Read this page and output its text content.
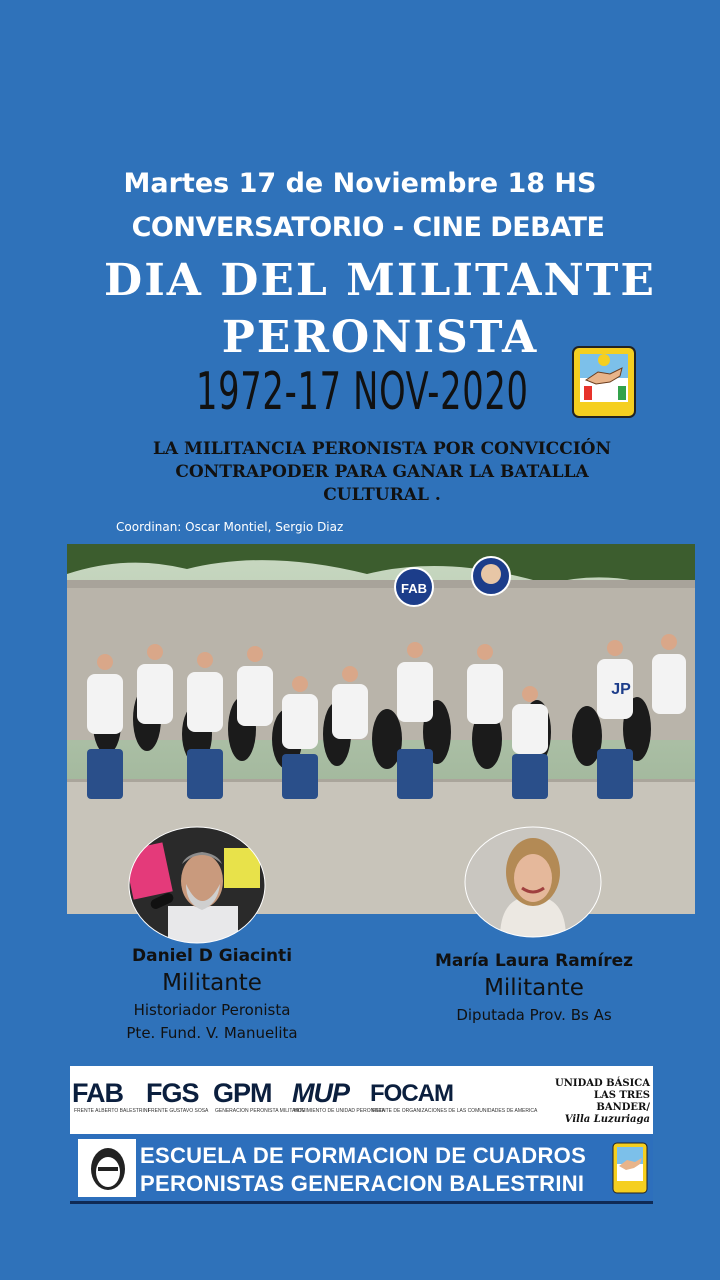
Martes 17 de Noviembre 18 HS
CONVERSATORIO - CINE DEBATE
DIA DEL MILITANTE
PERONISTA
1972-17 NOV-2020
LA MILITANCIA PERONISTA POR CONVICCIÓN
CONTRAPODER PARA GANAR LA BATALLA
CULTURAL .
Coordinan: Oscar Montiel, Sergio Diaz
FAB
JP
Daniel D Giacinti
Militante
Historiador Peronista
Pte. Fund. V. Manuelita
María Laura Ramírez
Militante
Diputada Prov. Bs As
FAB
FRENTE ALBERTO BALESTRINI
FGS
FRENTE GUSTAVO SOSA
GPM
GENERACION PERONISTA MILITANTE
MUP
MOVIMIENTO DE UNIDAD PERONISTA
FOCAM
FRENTE DE ORGANIZACIONES DE LAS COMUNIDADES DE AMERICA
UNIDAD BÁSICA
LAS TRES BANDER/
Villa Luzuriaga
ESCUELA DE FORMACION DE CUADROS
PERONISTAS GENERACION BALESTRINI
